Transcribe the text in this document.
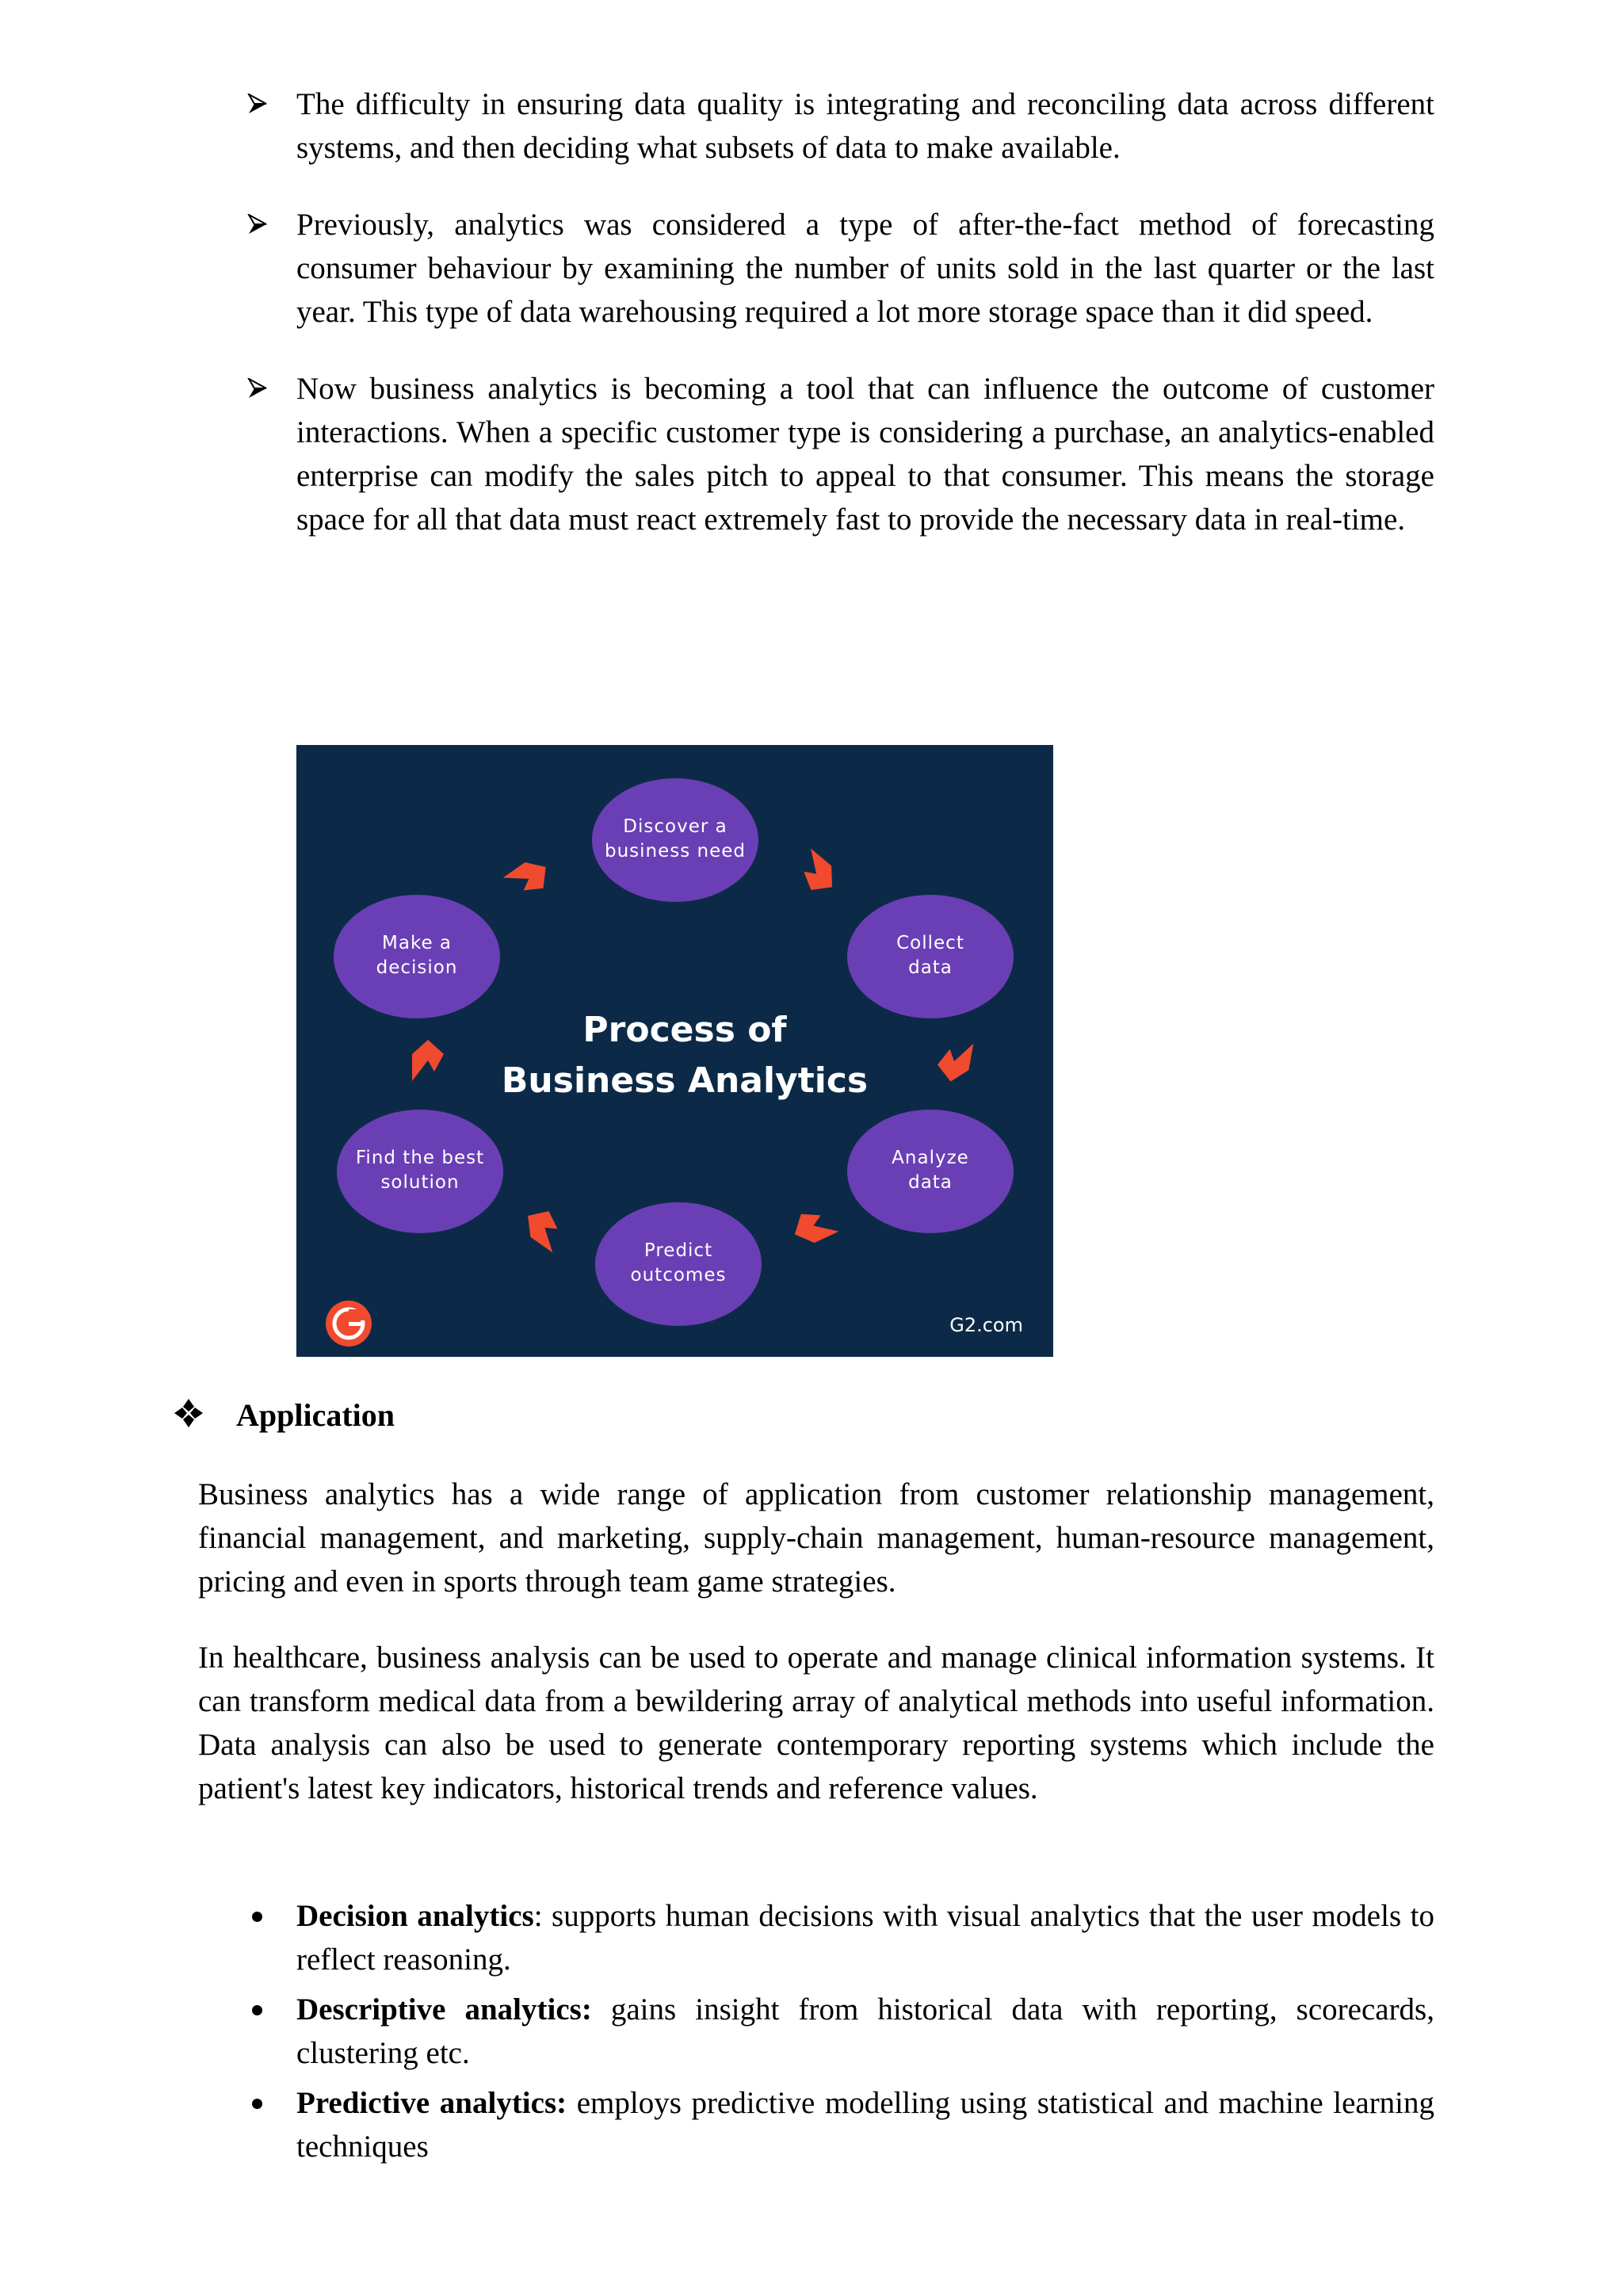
The difficulty in ensuring data quality is integrating and reconciling data across different systems, and then deciding what subsets of data to make available.
Previously, analytics was considered a type of after-the-fact method of forecasting consumer behaviour by examining the number of units sold in the last quarter or the last year. This type of data warehousing required a lot more storage space than it did speed.
Now business analytics is becoming a tool that can influence the outcome of customer interactions. When a specific customer type is considering a purchase, an analytics-enabled enterprise can modify the sales pitch to appeal to that consumer. This means the storage space for all that data must react extremely fast to provide the necessary data in real-time.
Discover a
business need
Collect
data
Analyze
data
Predict
outcomes
Find the best
solution
Make a
decision
Process of
Business Analytics
G2.com
Application

Business analytics has a wide range of application from customer relationship management, financial management, and marketing, supply-chain management, human-resource management, pricing and even in sports through team game strategies.

In healthcare, business analysis can be used to operate and manage clinical information systems. It can transform medical data from a bewildering array of analytical methods into useful information. Data analysis can also be used to generate contemporary reporting systems which include the patient's latest key indicators, historical trends and reference values.

Decision analytics: supports human decisions with visual analytics that the user models to reflect reasoning.
Descriptive analytics: gains insight from historical data with reporting, scorecards, clustering etc.
Predictive analytics: employs predictive modelling using statistical and machine learning techniques
